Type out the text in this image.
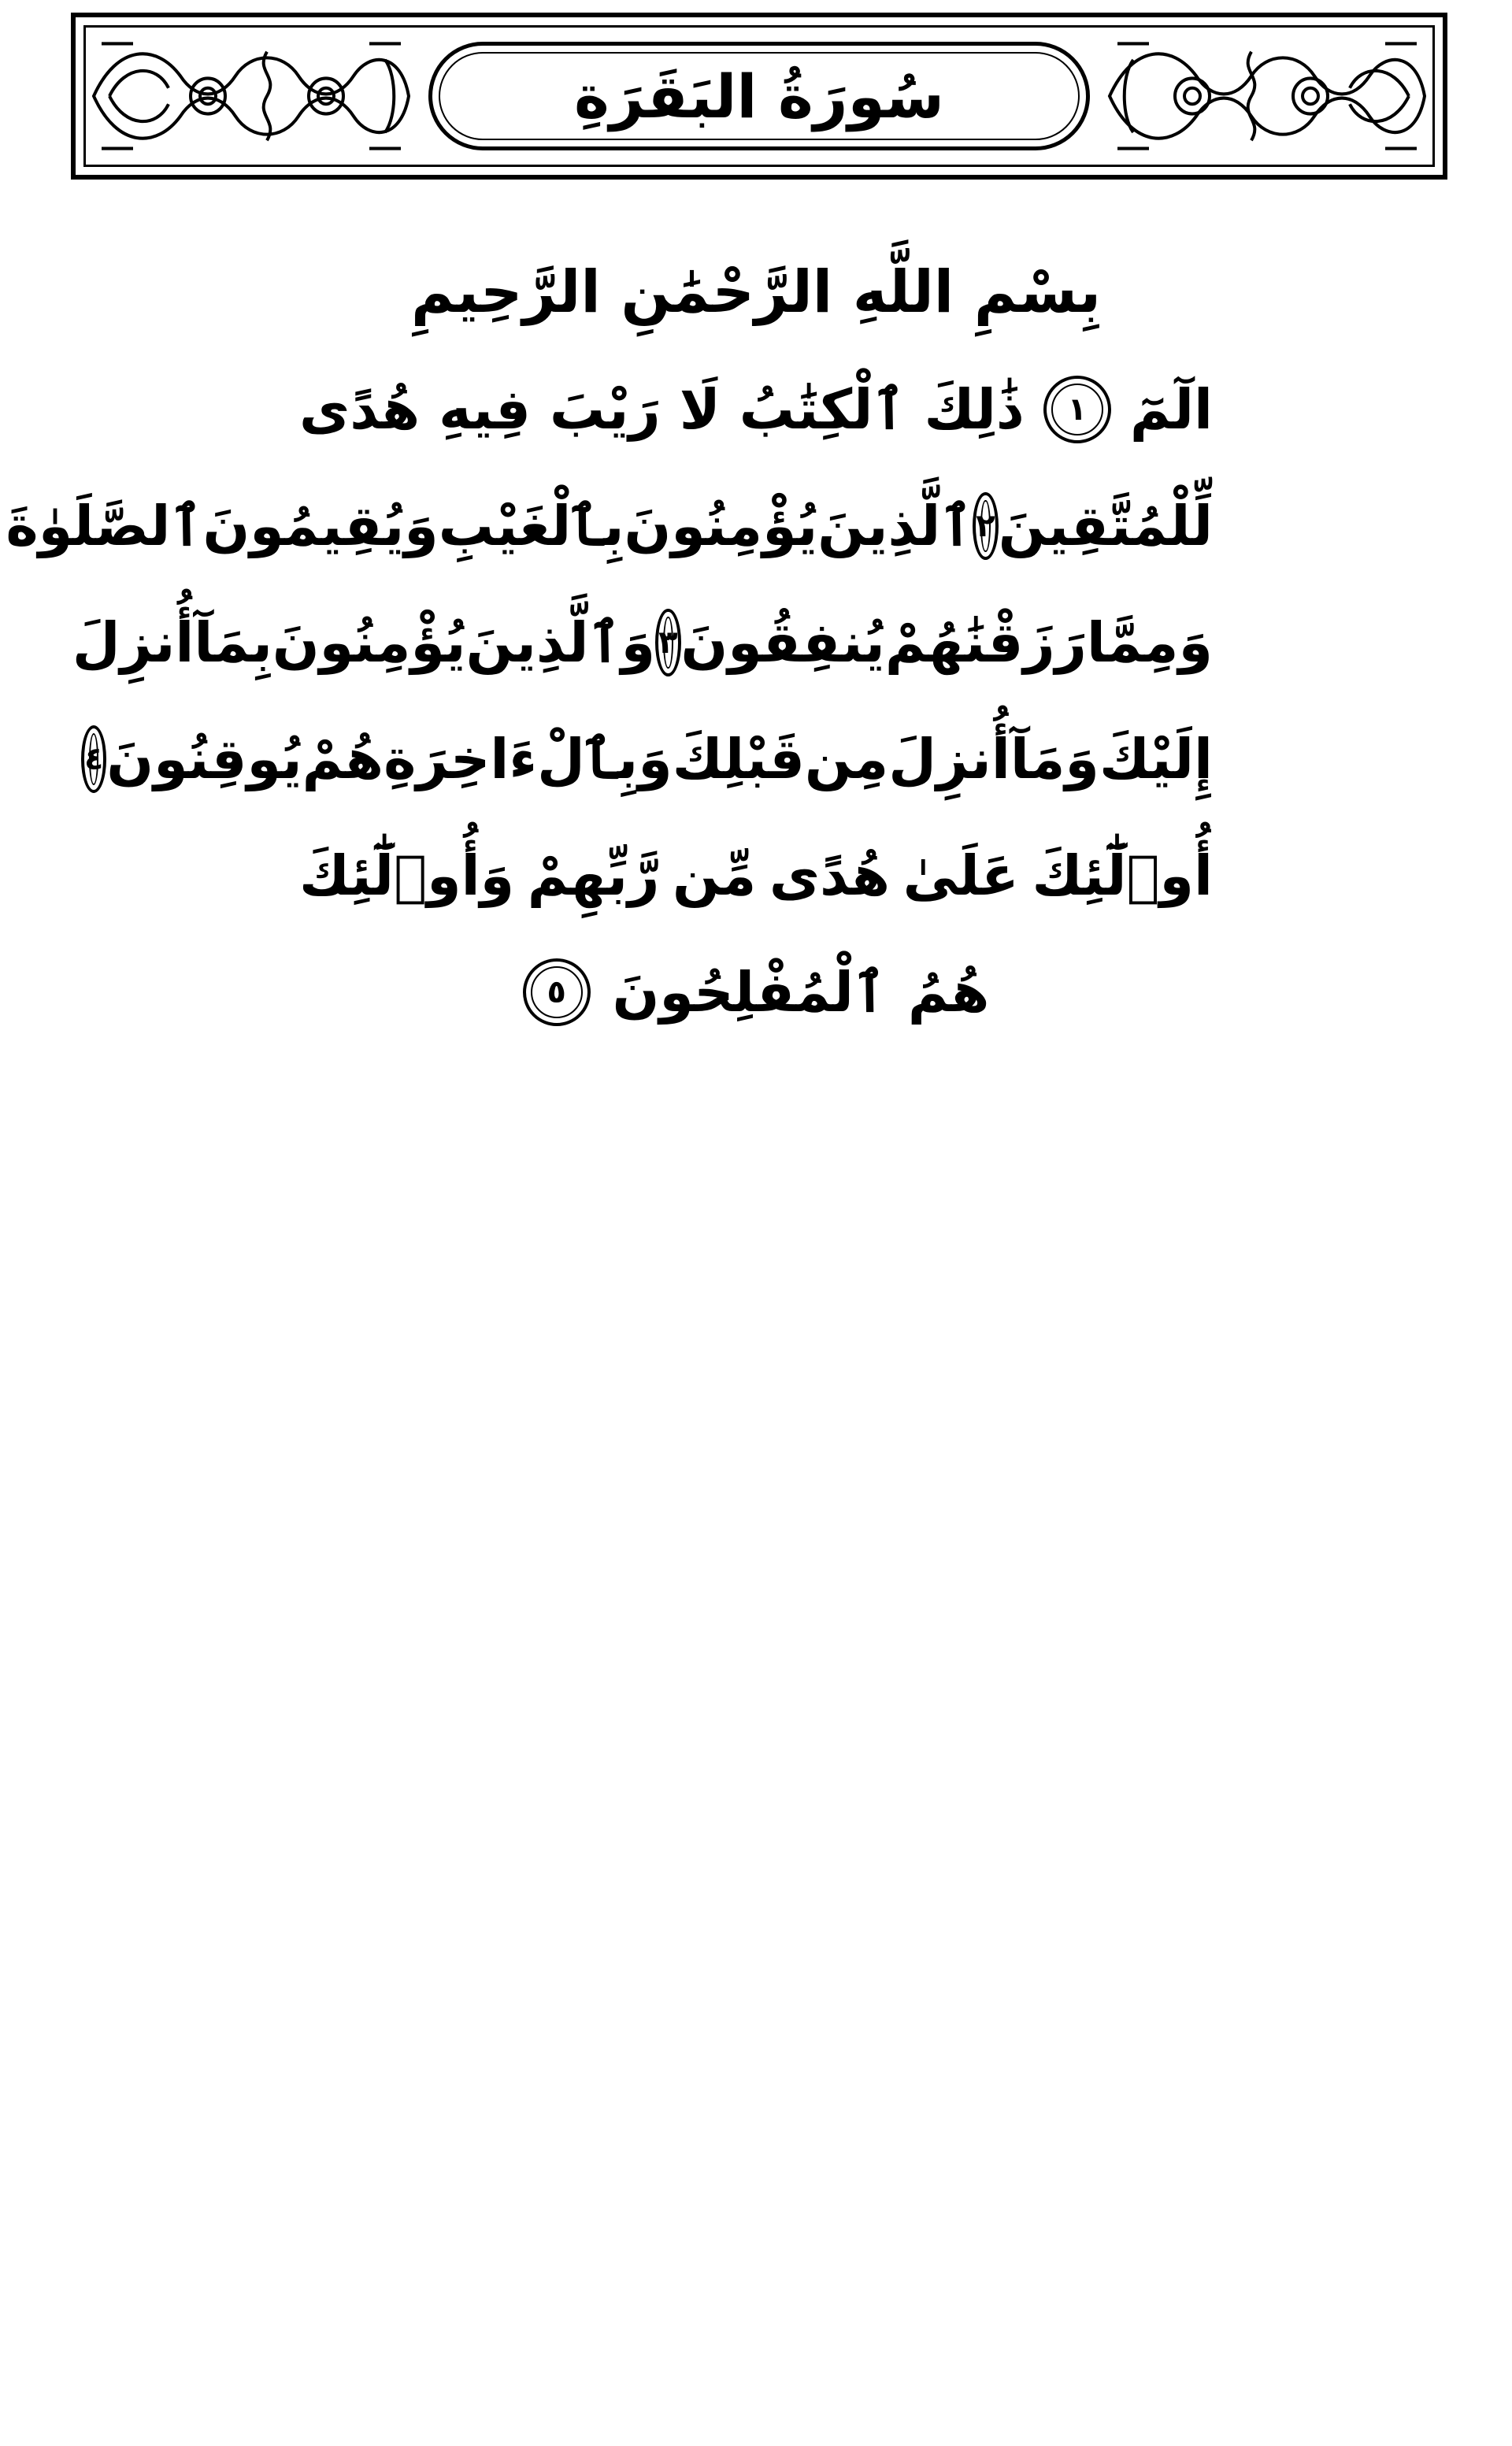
سُورَةُ البَقَرَةِ
بِسْمِ اللَّهِ الرَّحْمَٰنِ الرَّحِيمِ
الٓمٓ
١
ذَٰلِكَ
ٱلْكِتَٰبُ
لَا
رَيْبَ
فِيهِ
هُدًى
لِّلْمُتَّقِينَ
٢
ٱلَّذِينَ
يُؤْمِنُونَ
بِٱلْغَيْبِ
وَيُقِيمُونَ
ٱلصَّلَوٰةَ
وَمِمَّا
رَزَقْنَٰهُمْ
يُنفِقُونَ
٣
وَٱلَّذِينَ
يُؤْمِنُونَ
بِمَآ
أُنزِلَ
إِلَيْكَ
وَمَآ
أُنزِلَ
مِن
قَبْلِكَ
وَبِٱلْءَاخِرَةِ
هُمْ
يُوقِنُونَ
٤
أُو۟لَٰٓئِكَ
عَلَىٰ
هُدًى
مِّن
رَّبِّهِمْ
وَأُو۟لَٰٓئِكَ
هُمُ
ٱلْمُفْلِحُونَ
٥
